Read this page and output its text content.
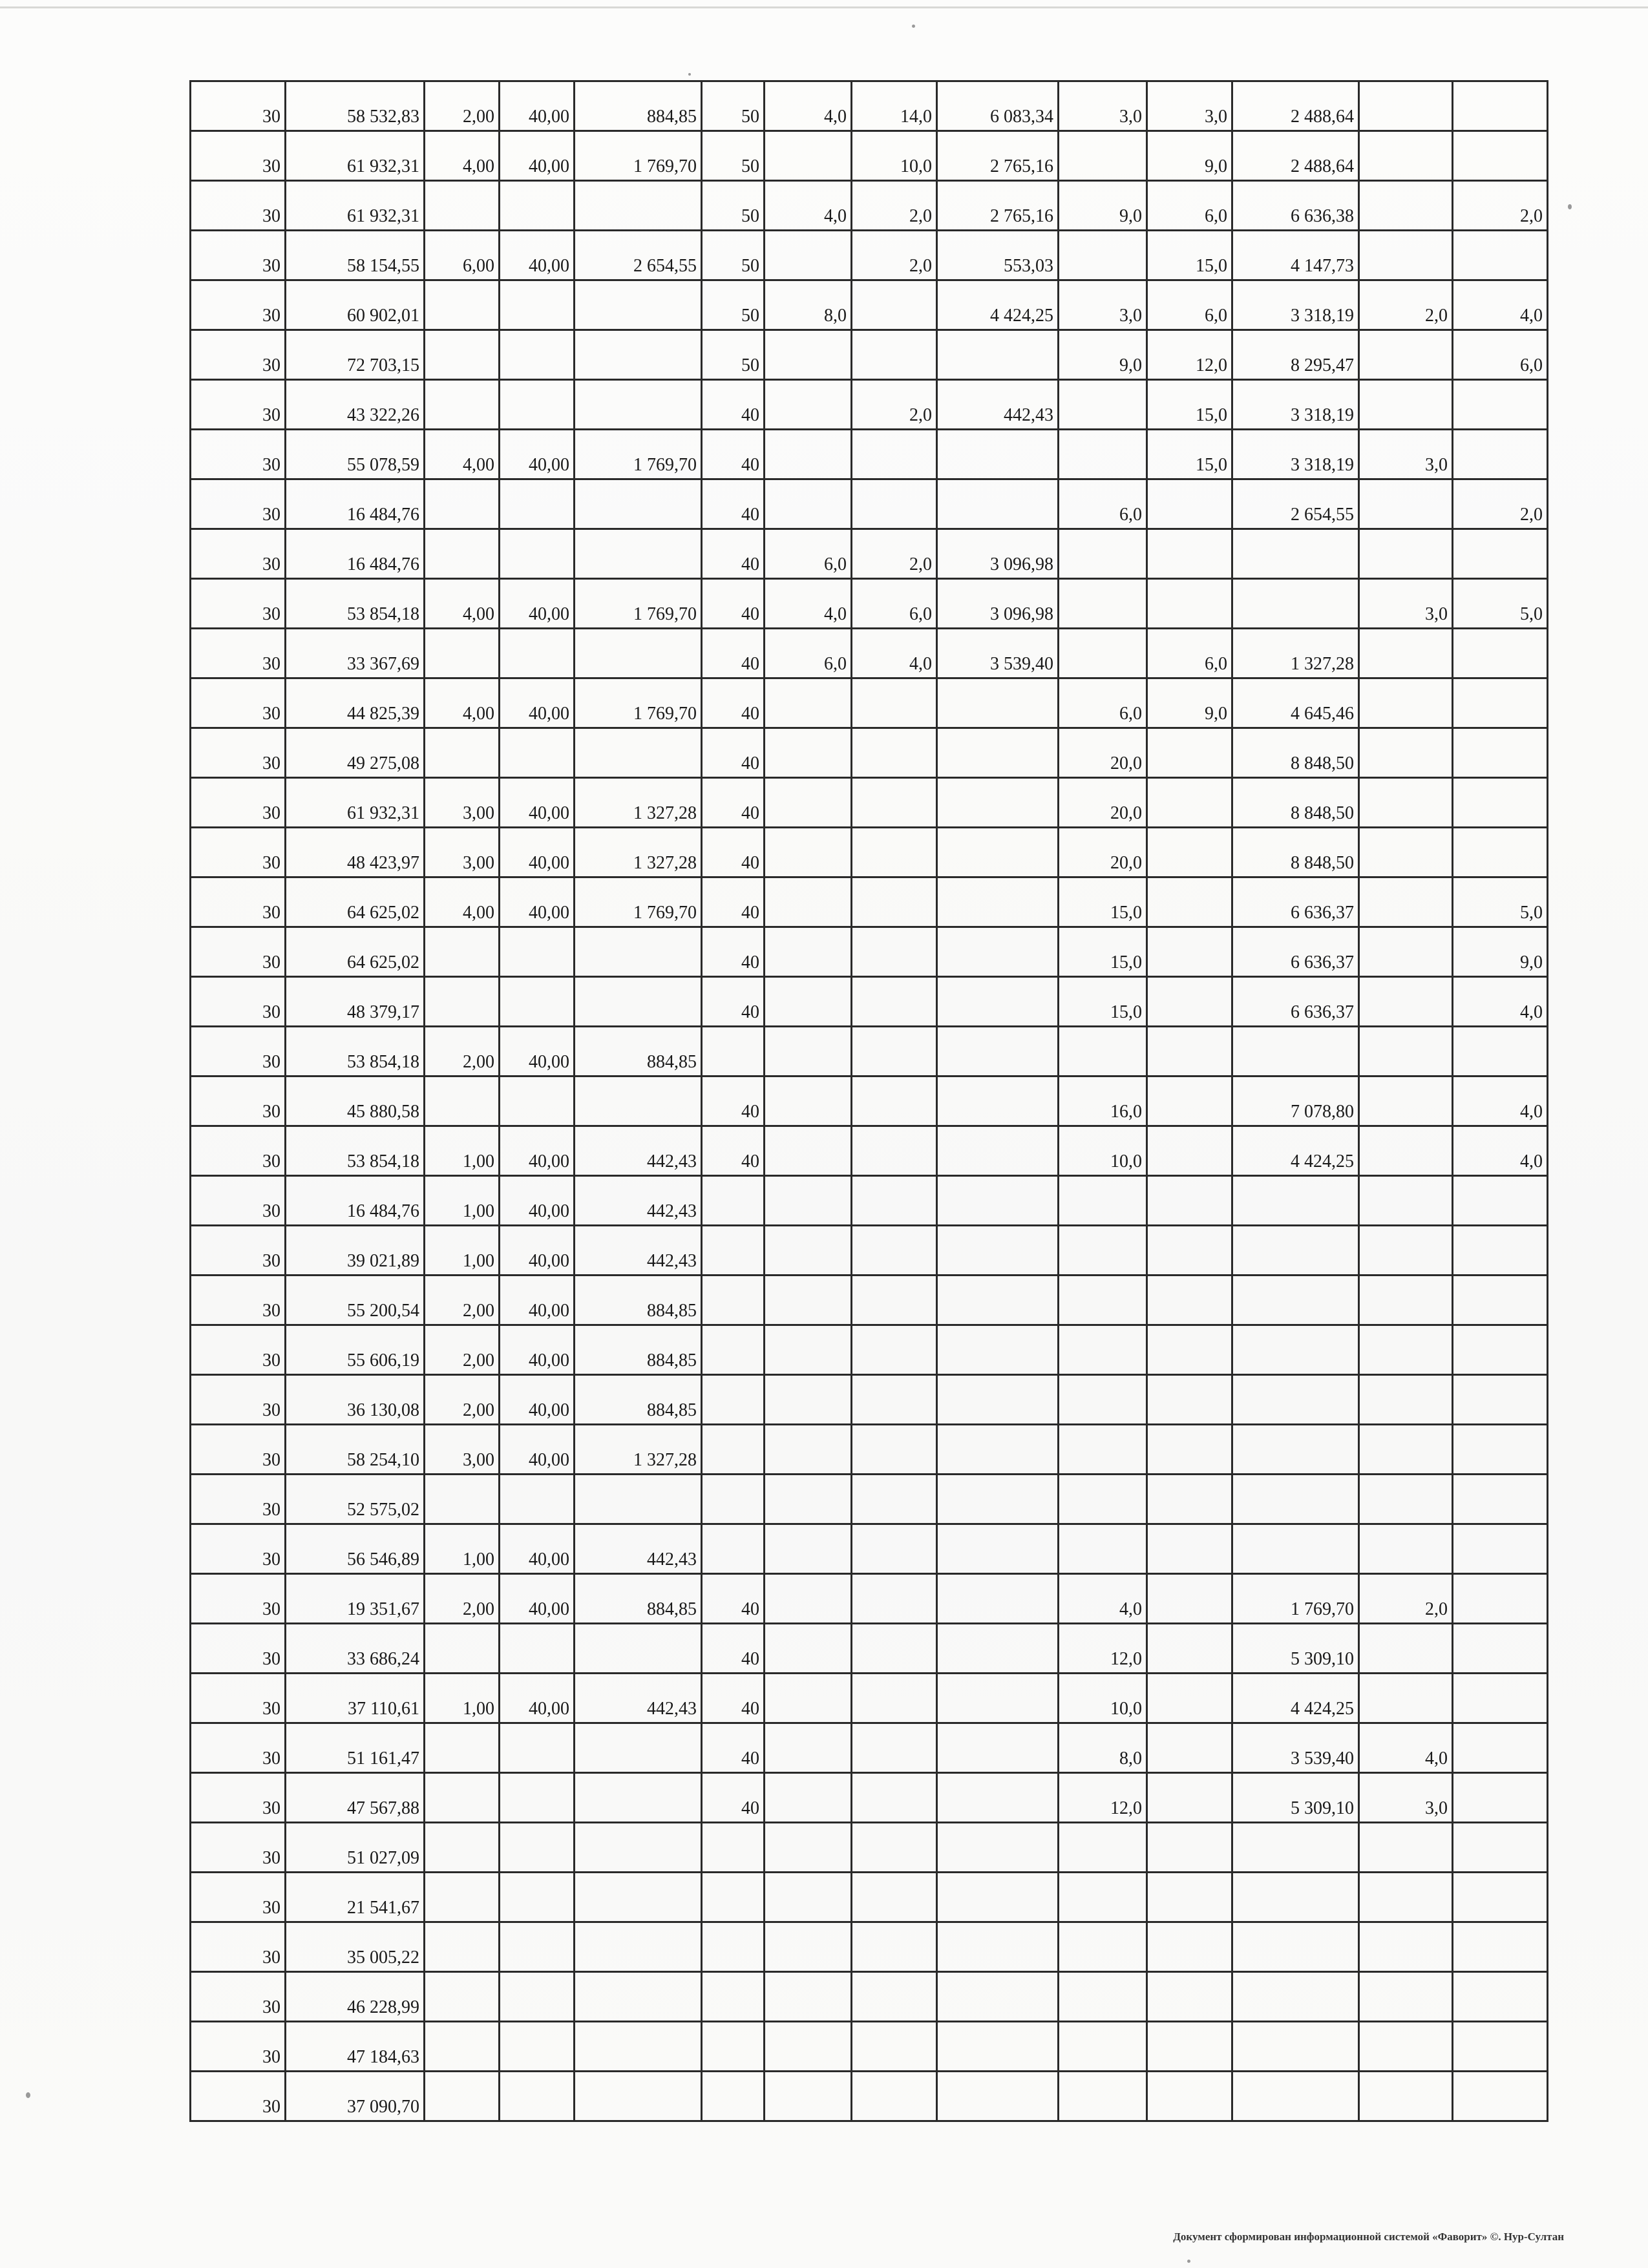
30	58 532,83	2,00	40,00	884,85	50	4,0	14,0	6 083,34	3,0	3,0	2 488,64		
30	61 932,31	4,00	40,00	1 769,70	50		10,0	2 765,16		9,0	2 488,64		
30	61 932,31				50	4,0	2,0	2 765,16	9,0	6,0	6 636,38		2,0
30	58 154,55	6,00	40,00	2 654,55	50		2,0	553,03		15,0	4 147,73		
30	60 902,01				50	8,0		4 424,25	3,0	6,0	3 318,19	2,0	4,0
30	72 703,15				50				9,0	12,0	8 295,47		6,0
30	43 322,26				40		2,0	442,43		15,0	3 318,19		
30	55 078,59	4,00	40,00	1 769,70	40					15,0	3 318,19	3,0	
30	16 484,76				40				6,0		2 654,55		2,0
30	16 484,76				40	6,0	2,0	3 096,98					
30	53 854,18	4,00	40,00	1 769,70	40	4,0	6,0	3 096,98				3,0	5,0
30	33 367,69				40	6,0	4,0	3 539,40		6,0	1 327,28		
30	44 825,39	4,00	40,00	1 769,70	40				6,0	9,0	4 645,46		
30	49 275,08				40				20,0		8 848,50		
30	61 932,31	3,00	40,00	1 327,28	40				20,0		8 848,50		
30	48 423,97	3,00	40,00	1 327,28	40				20,0		8 848,50		
30	64 625,02	4,00	40,00	1 769,70	40				15,0		6 636,37		5,0
30	64 625,02				40				15,0		6 636,37		9,0
30	48 379,17				40				15,0		6 636,37		4,0
30	53 854,18	2,00	40,00	884,85									
30	45 880,58				40				16,0		7 078,80		4,0
30	53 854,18	1,00	40,00	442,43	40				10,0		4 424,25		4,0
30	16 484,76	1,00	40,00	442,43									
30	39 021,89	1,00	40,00	442,43									
30	55 200,54	2,00	40,00	884,85									
30	55 606,19	2,00	40,00	884,85									
30	36 130,08	2,00	40,00	884,85									
30	58 254,10	3,00	40,00	1 327,28									
30	52 575,02												
30	56 546,89	1,00	40,00	442,43									
30	19 351,67	2,00	40,00	884,85	40				4,0		1 769,70	2,0	
30	33 686,24				40				12,0		5 309,10		
30	37 110,61	1,00	40,00	442,43	40				10,0		4 424,25		
30	51 161,47				40				8,0		3 539,40	4,0	
30	47 567,88				40				12,0		5 309,10	3,0	
30	51 027,09												
30	21 541,67												
30	35 005,22												
30	46 228,99												
30	47 184,63												
30	37 090,70												
Документ сформирован информационной системой «Фаворит» ©. Нур-Султан
